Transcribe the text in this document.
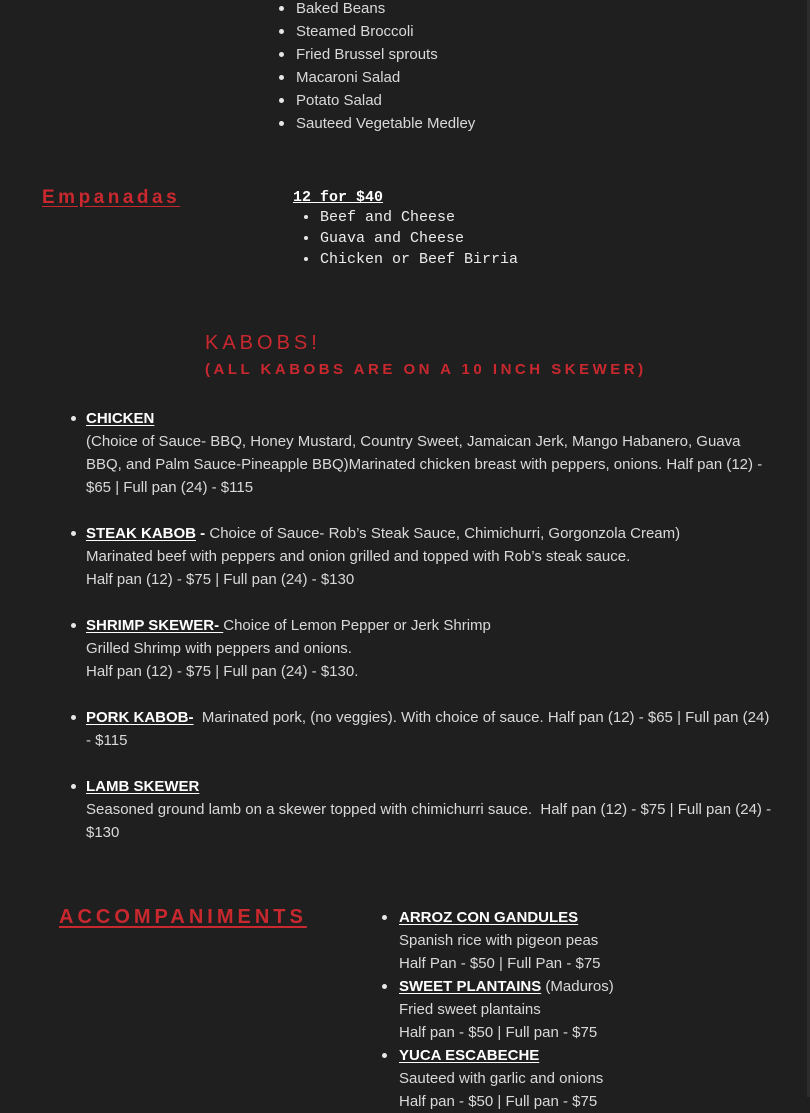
Baked Beans
Steamed Broccoli
Fried Brussel sprouts
Macaroni Salad
Potato Salad
Sauteed Vegetable Medley
Empanadas	12 for $40
Beef and Cheese
Guava and Cheese
Chicken or Beef Birria
KABOBS!
(ALL KABOBS ARE ON A 10 INCH SKEWER)
CHICKEN
(Choice of Sauce- BBQ, Honey Mustard, Country Sweet, Jamaican Jerk, Mango Habanero, Guava BBQ, and Palm Sauce-Pineapple BBQ)Marinated chicken breast with peppers, onions. Half pan (12) - $65 | Full pan (24) - $115
STEAK KABOB - Choice of Sauce- Rob’s Steak Sauce, Chimichurri, Gorgonzola Cream)
Marinated beef with peppers and onion grilled and topped with Rob’s steak sauce.
Half pan (12) - $75 | Full pan (24) - $130
SHRIMP SKEWER- Choice of Lemon Pepper or Jerk Shrimp
Grilled Shrimp with peppers and onions.
Half pan (12) - $75 | Full pan (24) - $130.
PORK KABOB-  Marinated pork, (no veggies). With choice of sauce. Half pan (12) - $65 | Full pan (24) - $115
LAMB SKEWER
Seasoned ground lamb on a skewer topped with chimichurri sauce.  Half pan (12) - $75 | Full pan (24) - $130
ACCOMPANIMENTS	ARROZ CON GANDULES
Spanish rice with pigeon peas
Half Pan - $50 | Full Pan - $75
SWEET PLANTAINS (Maduros)
Fried sweet plantains
Half pan - $50 | Full pan - $75
YUCA ESCABECHE
Sauteed with garlic and onions
Half pan - $50 | Full pan - $75
